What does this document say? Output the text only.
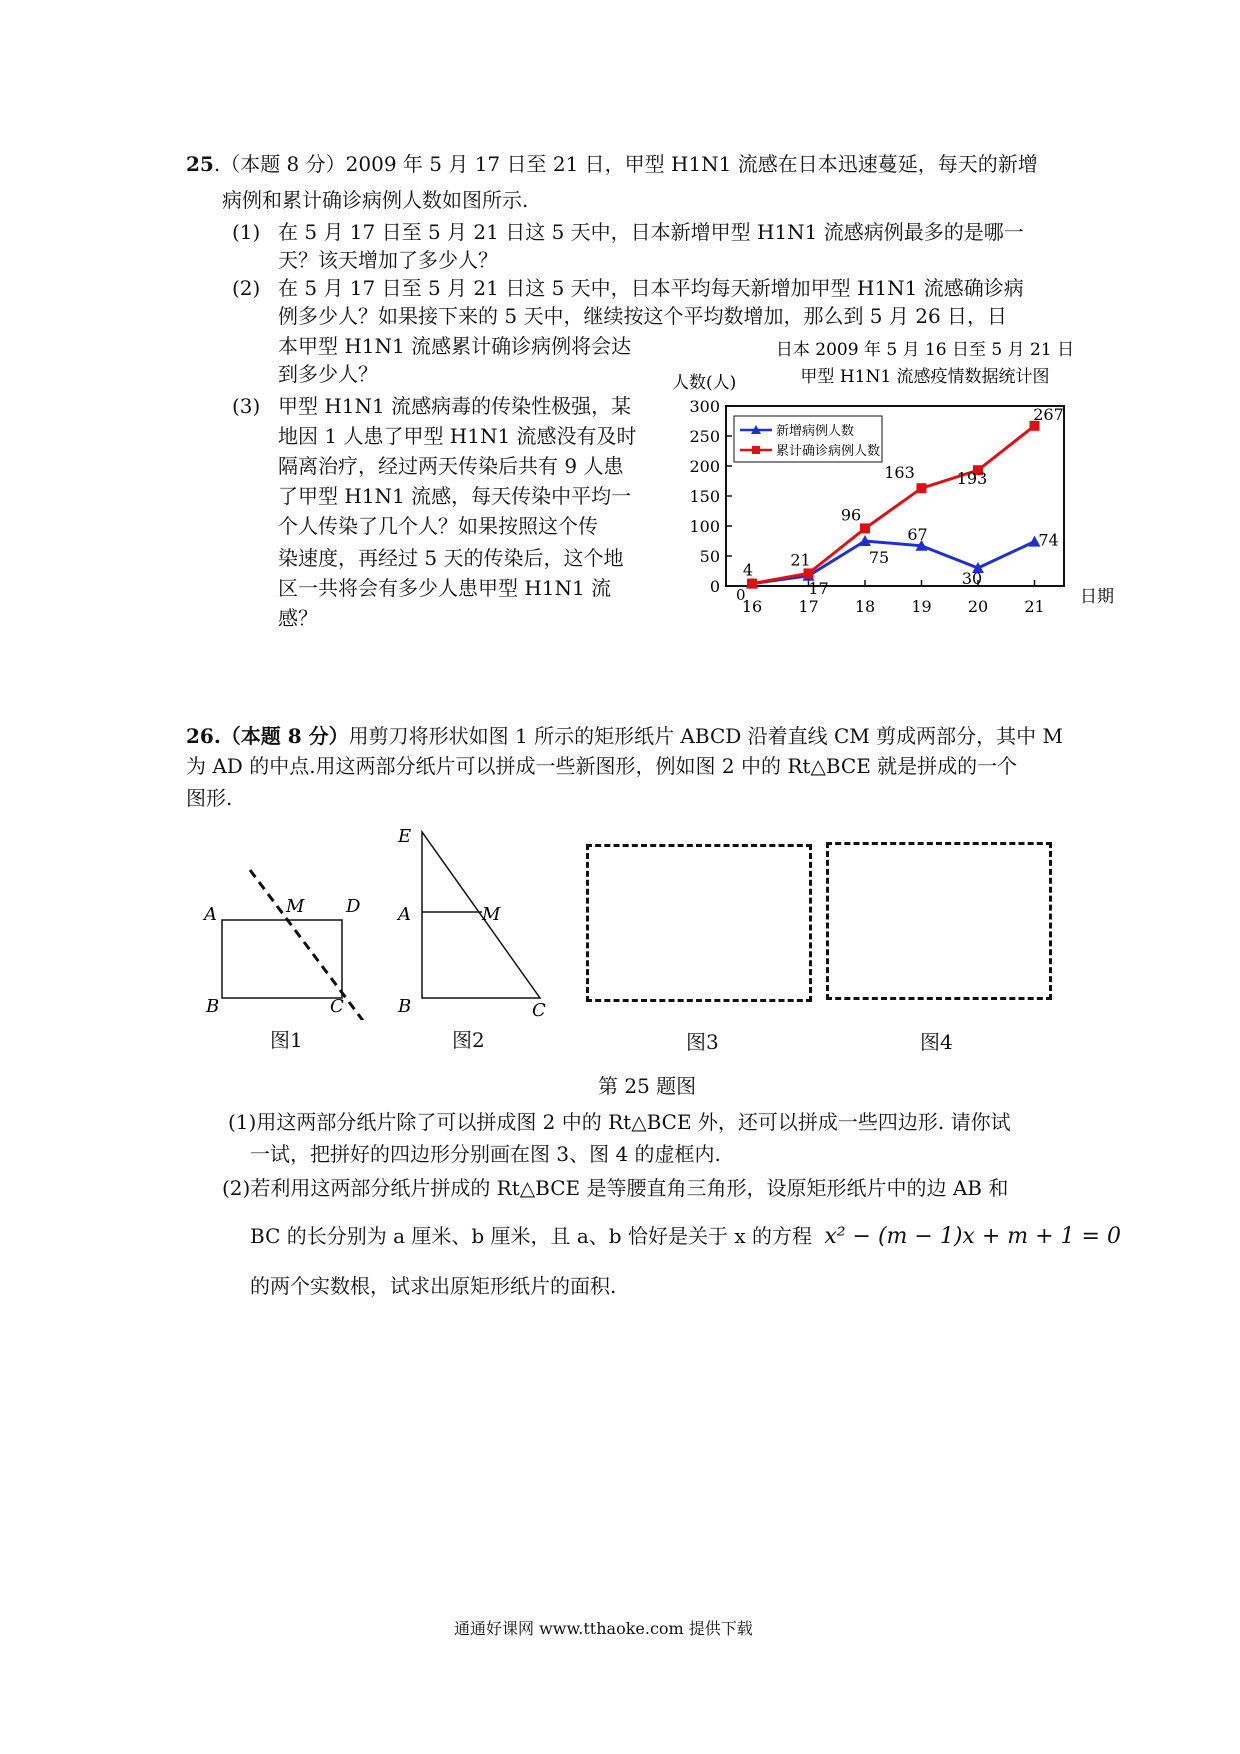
25.（本题 8 分）2009 年 5 月 17 日至 21 日，甲型 H1N1 流感在日本迅速蔓延，每天的新增
病例和累计确诊病例人数如图所示.
(1) 在 5 月 17 日至 5 月 21 日这 5 天中，日本新增甲型 H1N1 流感病例最多的是哪一
天？该天增加了多少人？
(2) 在 5 月 17 日至 5 月 21 日这 5 天中，日本平均每天新增加甲型 H1N1 流感确诊病
例多少人？如果接下来的 5 天中，继续按这个平均数增加，那么到 5 月 26 日，日
本甲型 H1N1 流感累计确诊病例将会达
到多少人？
(3) 甲型 H1N1 流感病毒的传染性极强，某
地因 1 人患了甲型 H1N1 流感没有及时
隔离治疗，经过两天传染后共有 9 人患
了甲型 H1N1 流感，每天传染中平均一
个人传染了几个人？如果按照这个传
染速度，再经过 5 天的传染后，这个地
区一共将会有多少人患甲型 H1N1 流
感？
日本 2009 年 5 月 16 日至 5 月 21 日
甲型 H1N1 流感疫情数据统计图
人数(人)
日期
0
50
100
150
200
250
300
16 17 18 19 20 21
0	17
75
67
30
74
4
21
96
163	193
267
新增病例人数
累计确诊病例人数
26.（本题 8 分）用剪刀将形状如图 1 所示的矩形纸片 ABCD 沿着直线 CM 剪成两部分，其中 M
为 AD 的中点.用这两部分纸片可以拼成一些新图形，例如图 2 中的 Rt△BCE 就是拼成的一个
图形.
A	M D
B	C
图1
E
A	M
B	C
图2	图3	图4
第 25 题图
(1)用这两部分纸片除了可以拼成图 2 中的 Rt△BCE 外，还可以拼成一些四边形. 请你试
一试，把拼好的四边形分别画在图 3、图 4 的虚框内.
(2)若利用这两部分纸片拼成的 Rt△BCE 是等腰直角三角形，设原矩形纸片中的边 AB 和
BC 的长分别为 a 厘米、b 厘米，且 a、b 恰好是关于 x 的方程 x² − (m − 1)x + m + 1 = 0
的两个实数根，试求出原矩形纸片的面积.
通通好课网 www.tthaoke.com 提供下载
